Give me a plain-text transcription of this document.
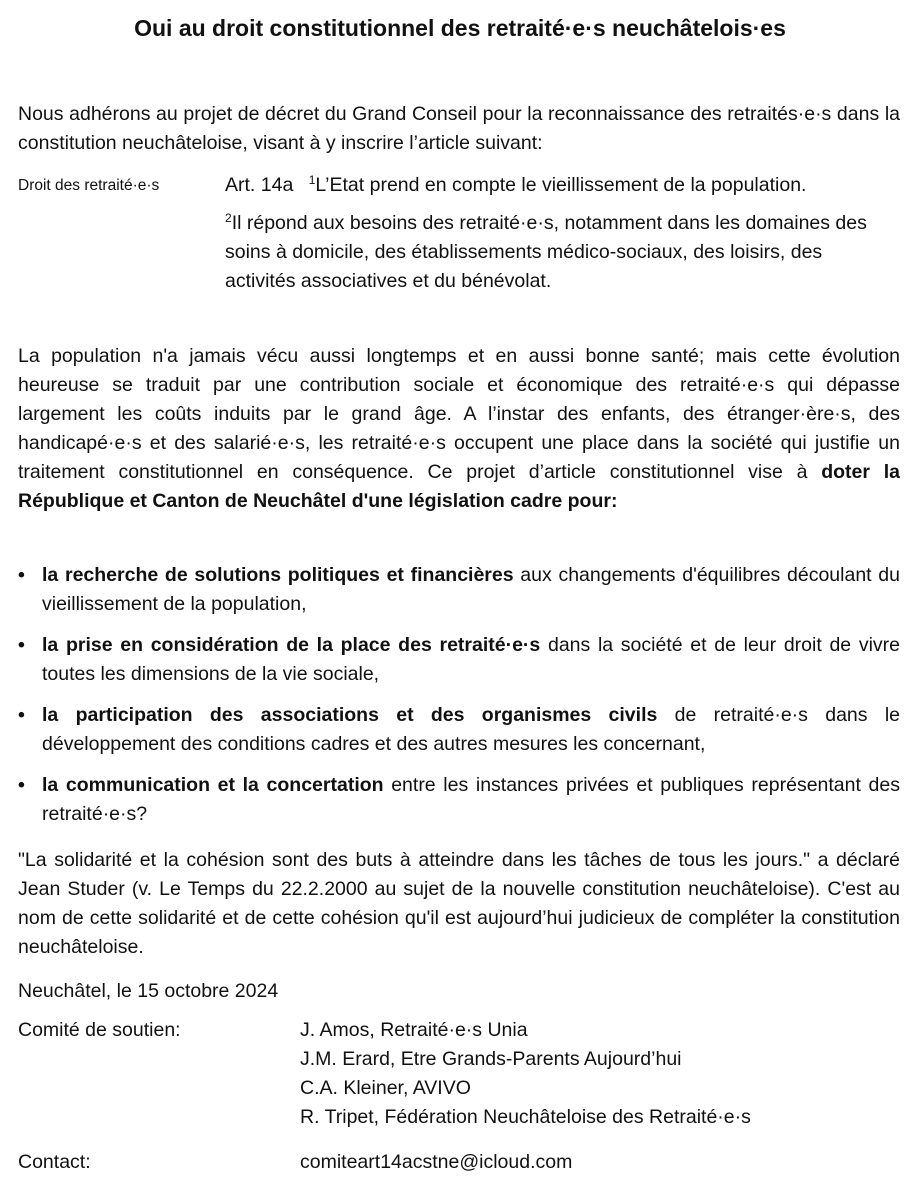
Oui au droit constitutionnel des retraité·e·s neuchâtelois·es

Nous adhérons au projet de décret du Grand Conseil pour la reconnaissance des retraités·e·s dans la constitution neuchâteloise, visant à y inscrire l’article suivant:

Droit des retraité·e·s	Art. 14a $^1$L’Etat prend en compte le vieillissement de la population.

$^2$Il répond aux besoins des retraité·e·s, notamment dans les domaines des soins à domicile, des établissements médico-sociaux, des loisirs, des activités associatives et du bénévolat.

La population n'a jamais vécu aussi longtemps et en aussi bonne santé; mais cette évolution heureuse se traduit par une contribution sociale et économique des retraité·e·s qui dépasse largement les coûts induits par le grand âge. A l’instar des enfants, des étranger·ère·s, des handicapé·e·s et des salarié·e·s, les retraité·e·s occupent une place dans la société qui justifie un traitement constitutionnel en conséquence. Ce projet d’article constitutionnel vise à doter la République et Canton de Neuchâtel d'une législation cadre pour:

• la recherche de solutions politiques et financières aux changements d'équilibres découlant du vieillissement de la population,
• la prise en considération de la place des retraité·e·s dans la société et de leur droit de vivre toutes les dimensions de la vie sociale,
• la participation des associations et des organismes civils de retraité·e·s dans le développement des conditions cadres et des autres mesures les concernant,
• la communication et la concertation entre les instances privées et publiques représentant des retraité·e·s?

"La solidarité et la cohésion sont des buts à atteindre dans les tâches de tous les jours." a déclaré Jean Studer (v. Le Temps du 22.2.2000 au sujet de la nouvelle constitution neuchâteloise). C'est au nom de cette solidarité et de cette cohésion qu'il est aujourd’hui judicieux de compléter la constitution neuchâteloise.

Neuchâtel, le 15 octobre 2024

Comité de soutien:	J. Amos, Retraité·e·s Unia
J.M. Erard, Etre Grands-Parents Aujourd’hui
C.A. Kleiner, AVIVO
R. Tripet, Fédération Neuchâteloise des Retraité·e·s
Contact:	comiteart14acstne@icloud.com
